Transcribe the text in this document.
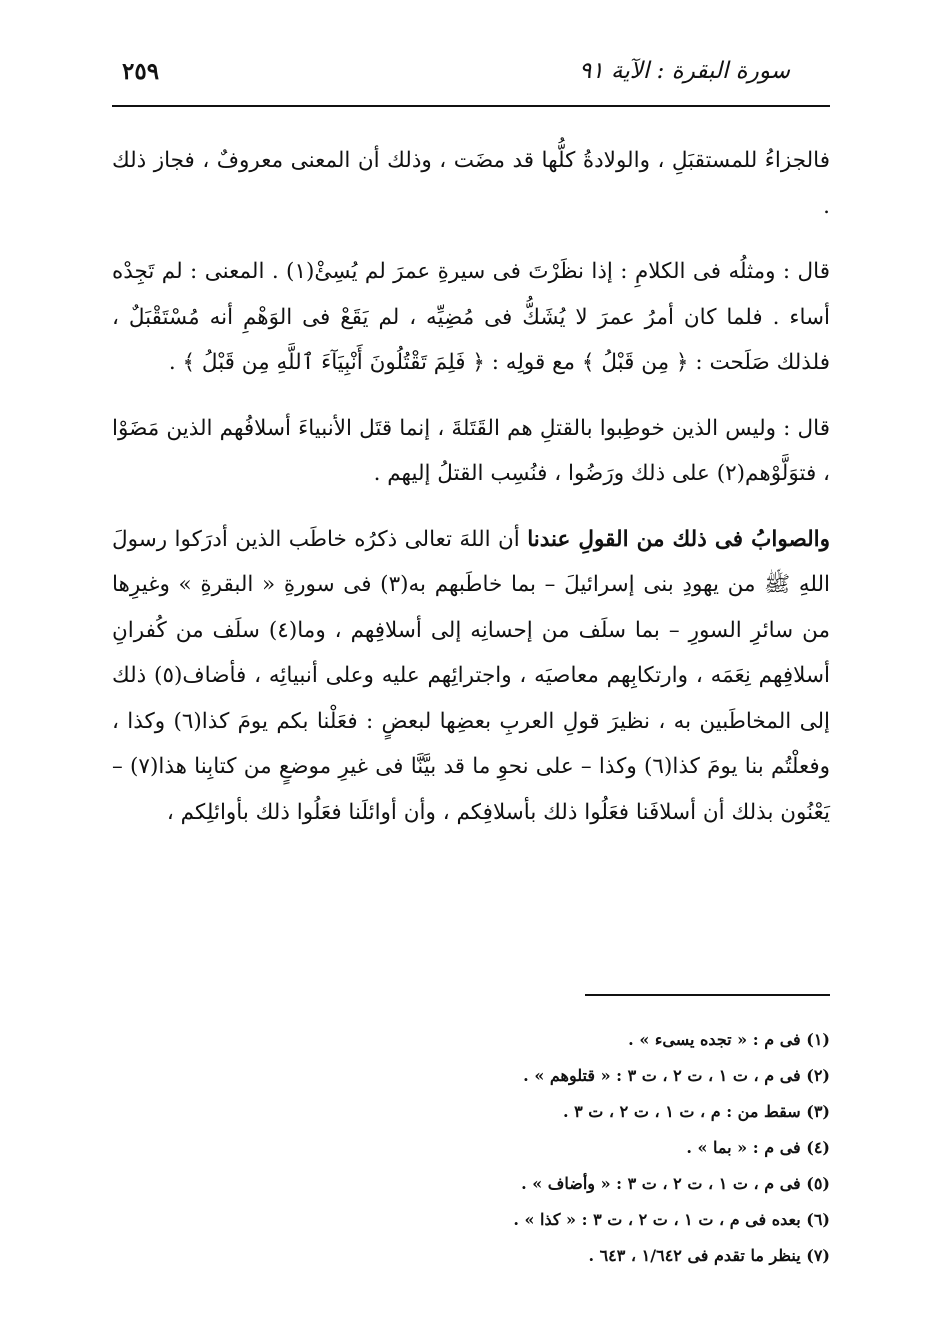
سورة البقرة : الآية ٩١
٢٥٩

فالجزاءُ للمستقبَلِ ، والولادةُ كلُّها قد مضَت ، وذلك أن المعنى معروفٌ ، فجاز ذلك .

قال : ومثلُه فى الكلامِ : إذا نظَرْتَ فى سيرةِ عمرَ لم يُسِئْ(١) . المعنى : لم تَجِدْه أساء . فلما كان أمرُ عمرَ لا يُشَكُّ فى مُضِيِّه ، لم يَقَعْ فى الوَهْمِ أنه مُسْتَقْبَلٌ ، فلذلك صَلَحت : ﴿ مِن قَبْلُ ﴾ مع قولِه : ﴿ فَلِمَ تَقْتُلُونَ أَنْبِيَآءَ ٱللَّهِ مِن قَبْلُ ﴾ .

قال : وليس الذين خوطِبوا بالقتلِ هم القَتَلةَ ، إنما قتَل الأنبياءَ أسلافُهم الذين مَضَوْا ، فتوَلَّوْهم(٢) على ذلك ورَضُوا ، فنُسِب القتلُ إليهم .

والصوابُ فى ذلك من القولِ عندنا أن اللهَ تعالى ذكرُه خاطَب الذين أدرَكوا رسولَ اللهِ ﷺ من يهودِ بنى إسرائيلَ – بما خاطَبهم به(٣) فى سورةِ « البقرةِ » وغيرِها من سائرِ السورِ – بما سلَف من إحسانِه إلى أسلافِهم ، وما(٤) سلَف من كُفرانِ أسلافِهم نِعَمَه ، وارتكابِهم معاصيَه ، واجترائِهم عليه وعلى أنبيائِه ، فأضاف(٥) ذلك إلى المخاطَبين به ، نظيرَ قولِ العربِ بعضِها لبعضٍ : فعَلْنا بكم يومَ كذا(٦) وكذا ، وفعلْتُم بنا يومَ كذا(٦) وكذا – على نحوِ ما قد بيَّنَّا فى غيرِ موضعٍ من كتابِنا هذا(٧) – يَعْنُون بذلك أن أسلافَنا فعَلُوا ذلك بأسلافِكم ، وأن أوائلَنا فعَلُوا ذلك بأوائلِكم ،

(١) فى م : « تجده يسىء » .
(٢) فى م ، ت ١ ، ت ٢ ، ت ٣ : « قتلوهم » .
(٣) سقط من : م ، ت ١ ، ت ٢ ، ت ٣ .
(٤) فى م : « بما » .
(٥) فى م ، ت ١ ، ت ٢ ، ت ٣ : « وأضاف » .
(٦) بعده فى م ، ت ١ ، ت ٢ ، ت ٣ : « كذا » .
(٧) ينظر ما تقدم فى ١/٦٤٢ ، ٦٤٣ .
